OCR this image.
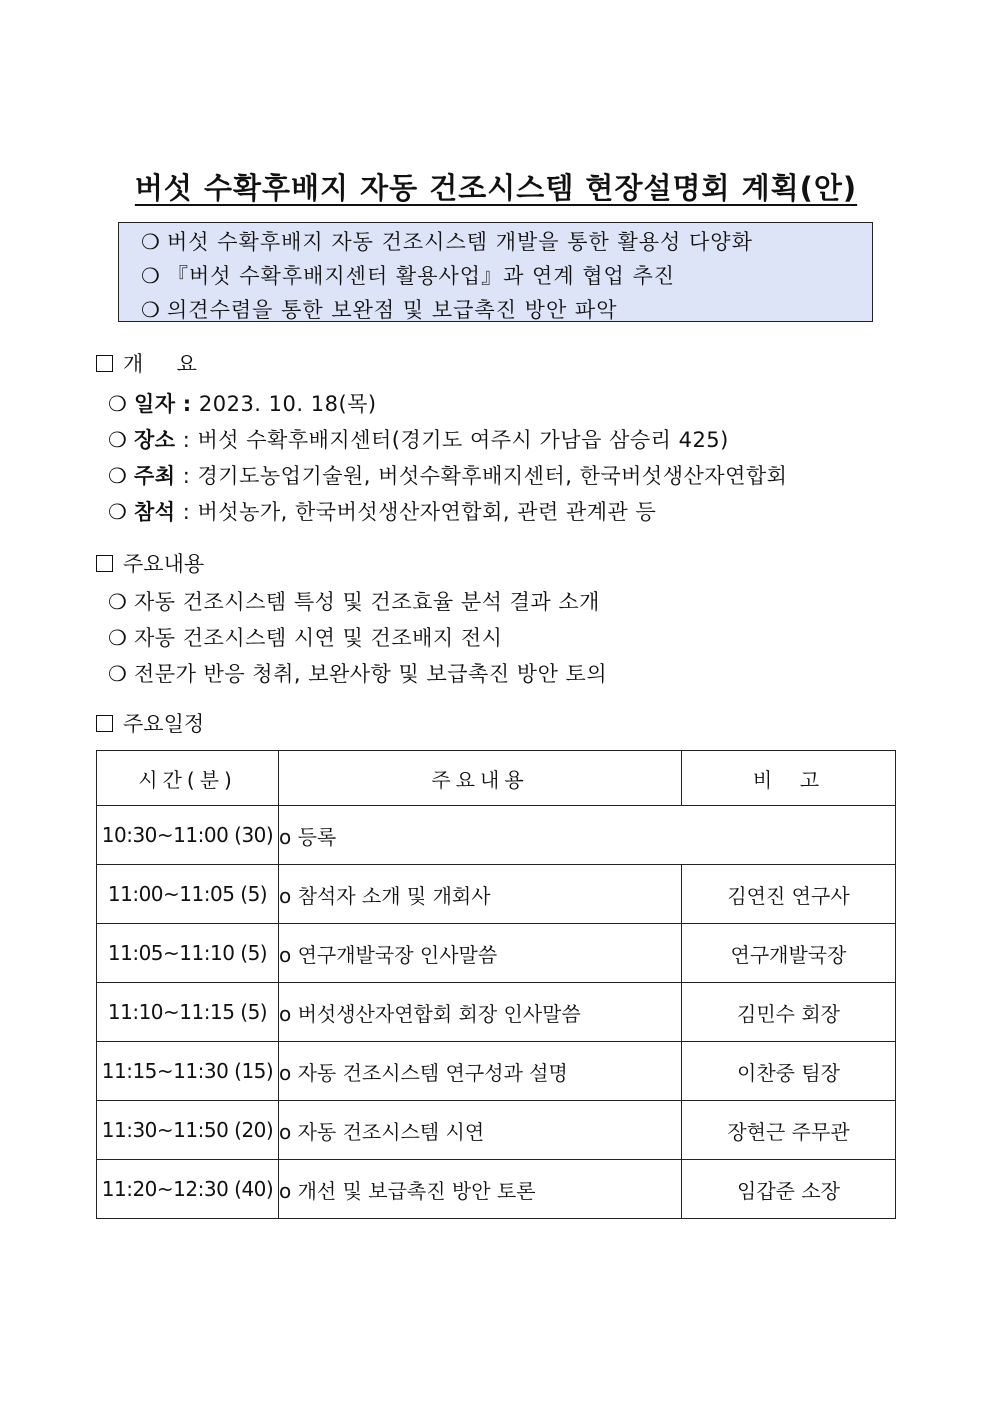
버섯 수확후배지 자동 건조시스템 현장설명회 계획(안)
❍ 버섯 수확후배지 자동 건조시스템 개발을 통한 활용성 다양화
❍ 『버섯 수확후배지센터 활용사업』과 연계 협업 추진
❍ 의견수렴을 통한 보완점 및 보급촉진 방안 파악
개     요
❍ 일자 : 2023. 10. 18(목)
❍ 장소 : 버섯 수확후배지센터(경기도 여주시 가남읍 삼승리 425)
❍ 주최 : 경기도농업기술원, 버섯수확후배지센터, 한국버섯생산자연합회
❍ 참석 : 버섯농가, 한국버섯생산자연합회, 관련 관계관 등
주요내용
❍ 자동 건조시스템 특성 및 건조효율 분석 결과 소개
❍ 자동 건조시스템 시연 및 건조배지 전시
❍ 전문가 반응 청취, 보완사항 및 보급촉진 방안 토의
주요일정
시간(분)	주요내용	비  고
10:30~11:00 (30)	o 등록	
11:00~11:05 (5)	o 참석자 소개 및 개회사	김연진 연구사
11:05~11:10 (5)	o 연구개발국장 인사말씀	연구개발국장
11:10~11:15 (5)	o 버섯생산자연합회 회장 인사말씀	김민수 회장
11:15~11:30 (15)	o 자동 건조시스템 연구성과 설명	이찬중 팀장
11:30~11:50 (20)	o 자동 건조시스템 시연	장현근 주무관
11:20~12:30 (40)	o 개선 및 보급촉진 방안 토론	임갑준 소장
